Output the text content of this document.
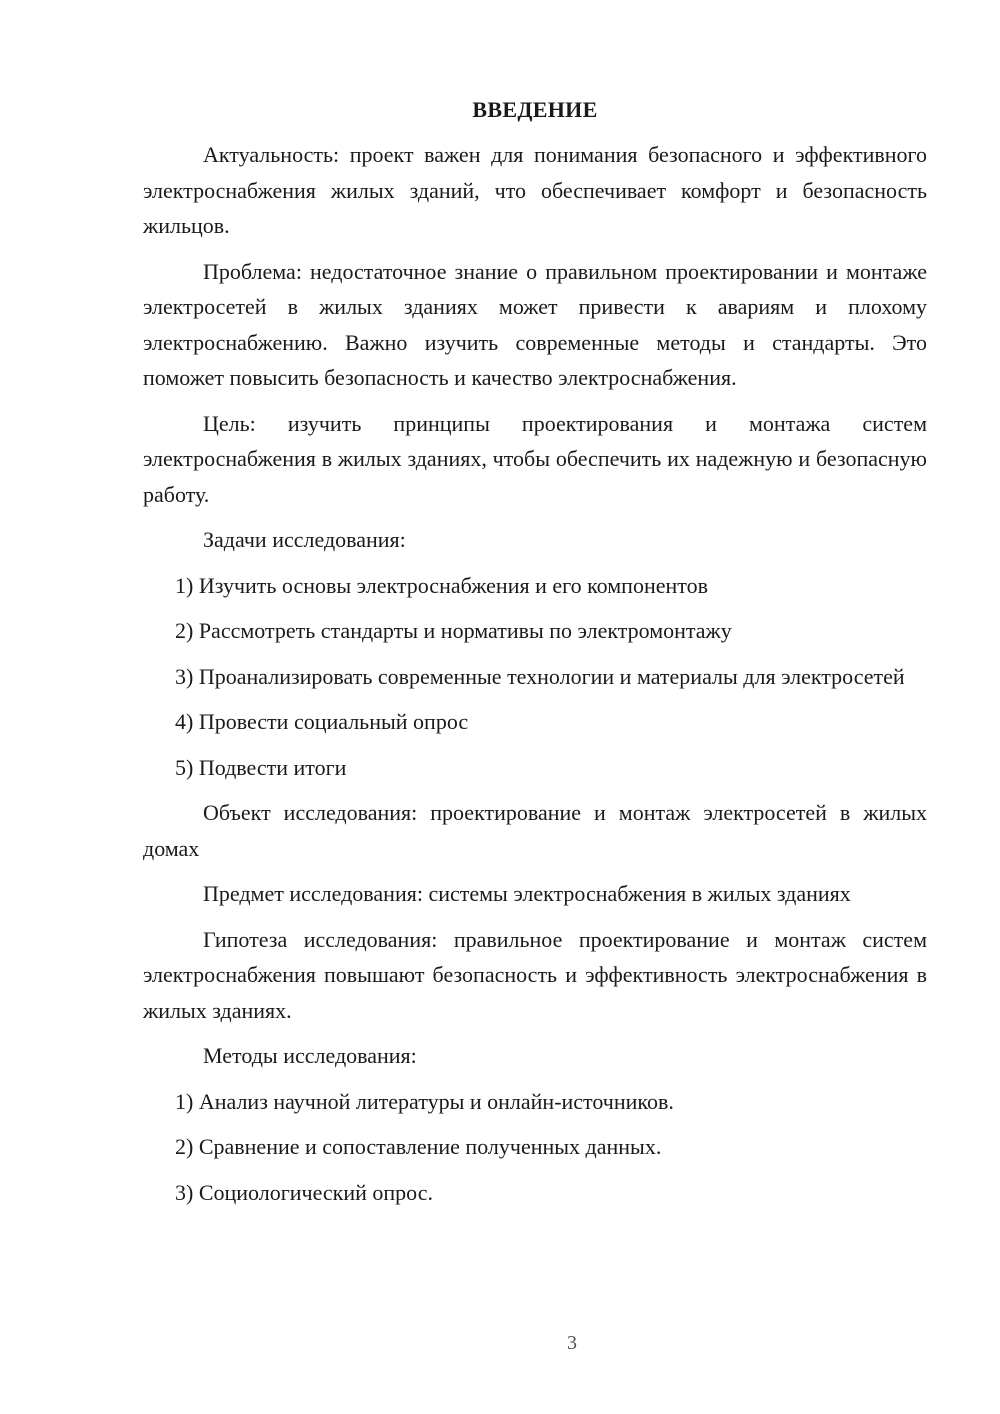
ВВЕДЕНИЕ

Актуальность: проект важен для понимания безопасного и эффективного электроснабжения жилых зданий, что обеспечивает комфорт и безопасность жильцов.

Проблема: недостаточное знание о правильном проектировании и монтаже электросетей в жилых зданиях может привести к авариям и плохому электроснабжению. Важно изучить современные методы и стандарты. Это поможет повысить безопасность и качество электроснабжения.

Цель: изучить принципы проектирования и монтажа систем электроснабжения в жилых зданиях, чтобы обеспечить их надежную и безопасную работу.

Задачи исследования:

1) Изучить основы электроснабжения и его компонентов

2) Рассмотреть стандарты и нормативы по электромонтажу

3) Проанализировать современные технологии и материалы для электросетей

4) Провести социальный опрос

5) Подвести итоги

Объект исследования: проектирование и монтаж электросетей в жилых домах

Предмет исследования: системы электроснабжения в жилых зданиях

Гипотеза исследования: правильное проектирование и монтаж систем электроснабжения повышают безопасность и эффективность электроснабжения в жилых зданиях.

Методы исследования:

1) Анализ научной литературы и онлайн-источников.

2) Сравнение и сопоставление полученных данных.

3) Социологический опрос.

3
